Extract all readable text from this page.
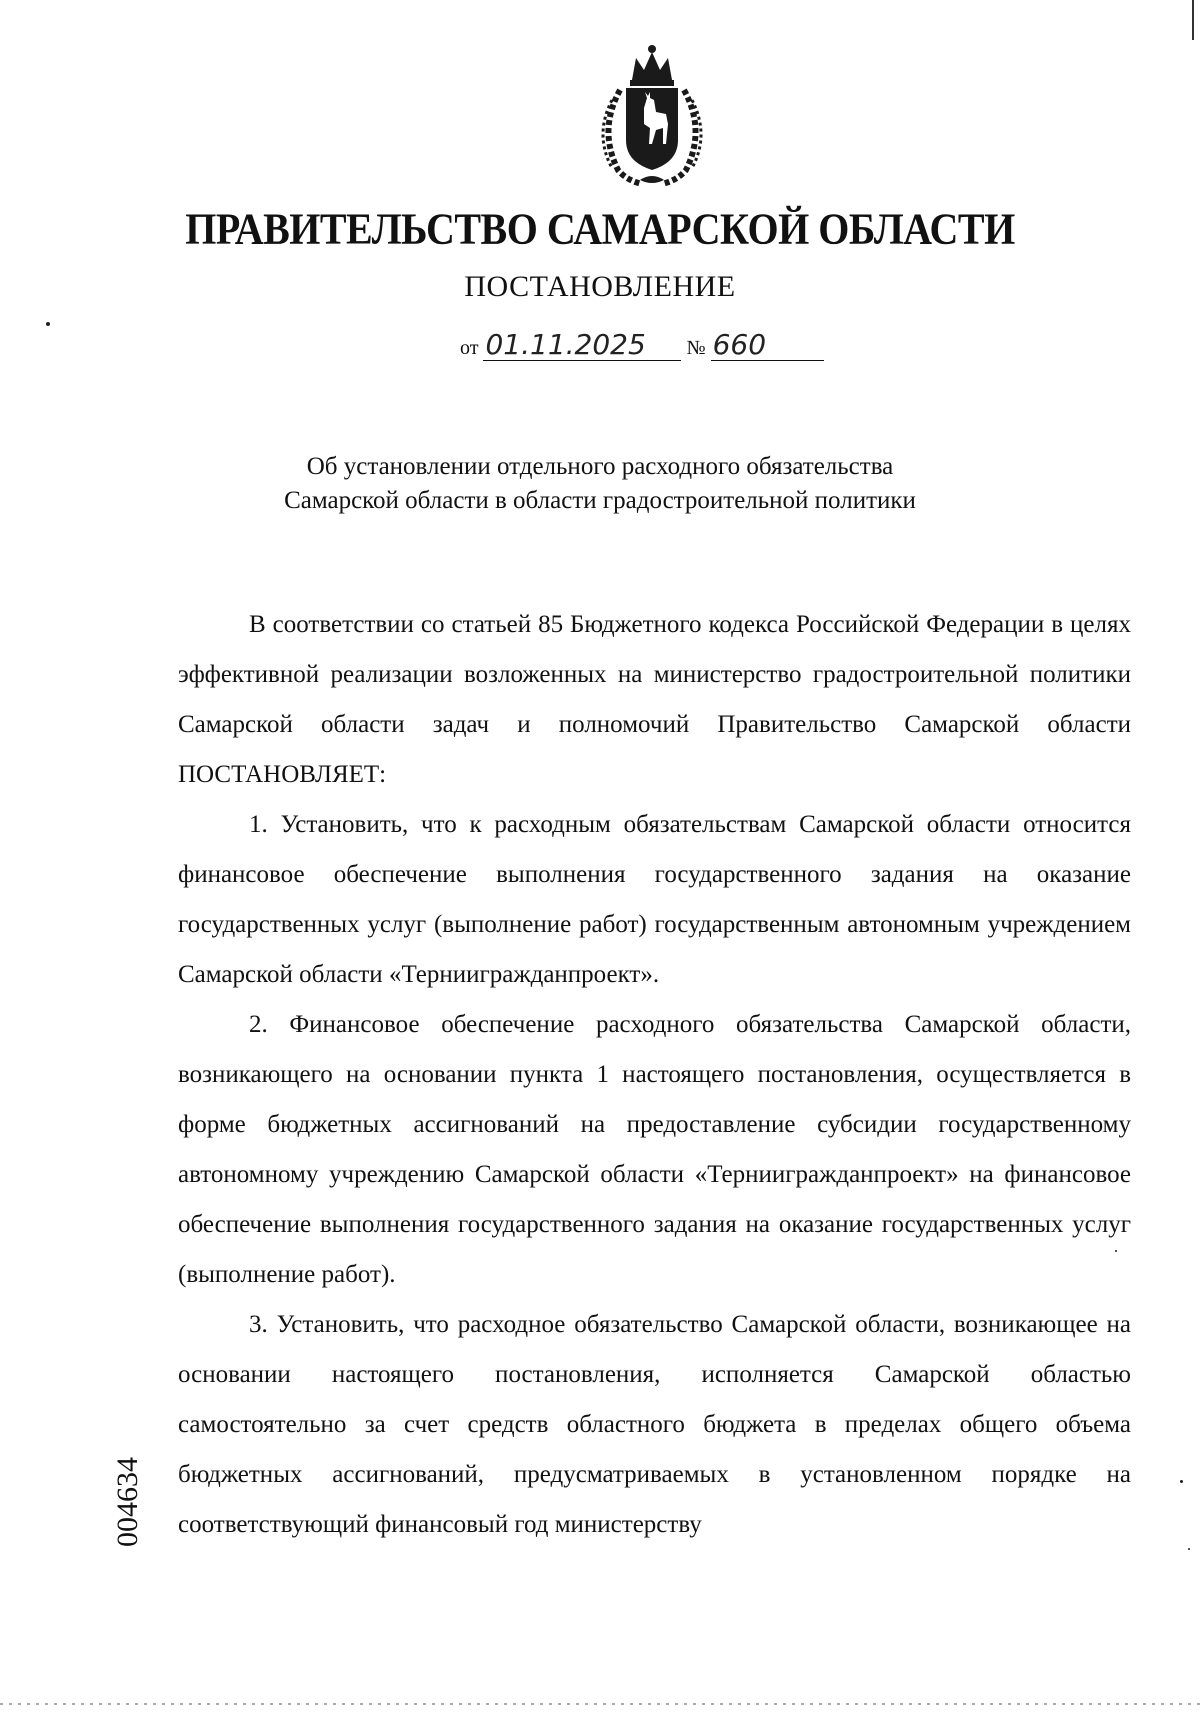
ПРАВИТЕЛЬСТВО САМАРСКОЙ ОБЛАСТИ
ПОСТАНОВЛЕНИЕ
от 01.11.2025 № 660
Об установлении отдельного расходного обязательства
Самарской области в области градостроительной политики

В соответствии со статьей 85 Бюджетного кодекса Российской Федерации в целях эффективной реализации возложенных на министерство градостроительной политики Самарской области задач и полномочий Правительство Самарской области ПОСТАНОВЛЯЕТ:

1. Установить, что к расходным обязательствам Самарской области относится финансовое обеспечение выполнения государственного задания на оказание государственных услуг (выполнение работ) государственным автономным учреждением Самарской области «Терниигражданпроект».

2. Финансовое обеспечение расходного обязательства Самарской области, возникающего на основании пункта 1 настоящего постановления, осуществляется в форме бюджетных ассигнований на предоставление субсидии государственному автономному учреждению Самарской области «Терниигражданпроект» на финансовое обеспечение выполнения государственного задания на оказание государственных услуг (выполнение работ).

3. Установить, что расходное обязательство Самарской области, возникающее на основании настоящего постановления, исполняется Самарской областью самостоятельно за счет средств областного бюджета в пределах общего объема бюджетных ассигнований, предусматриваемых в установленном порядке на соответствующий финансовый год министерству

004634
